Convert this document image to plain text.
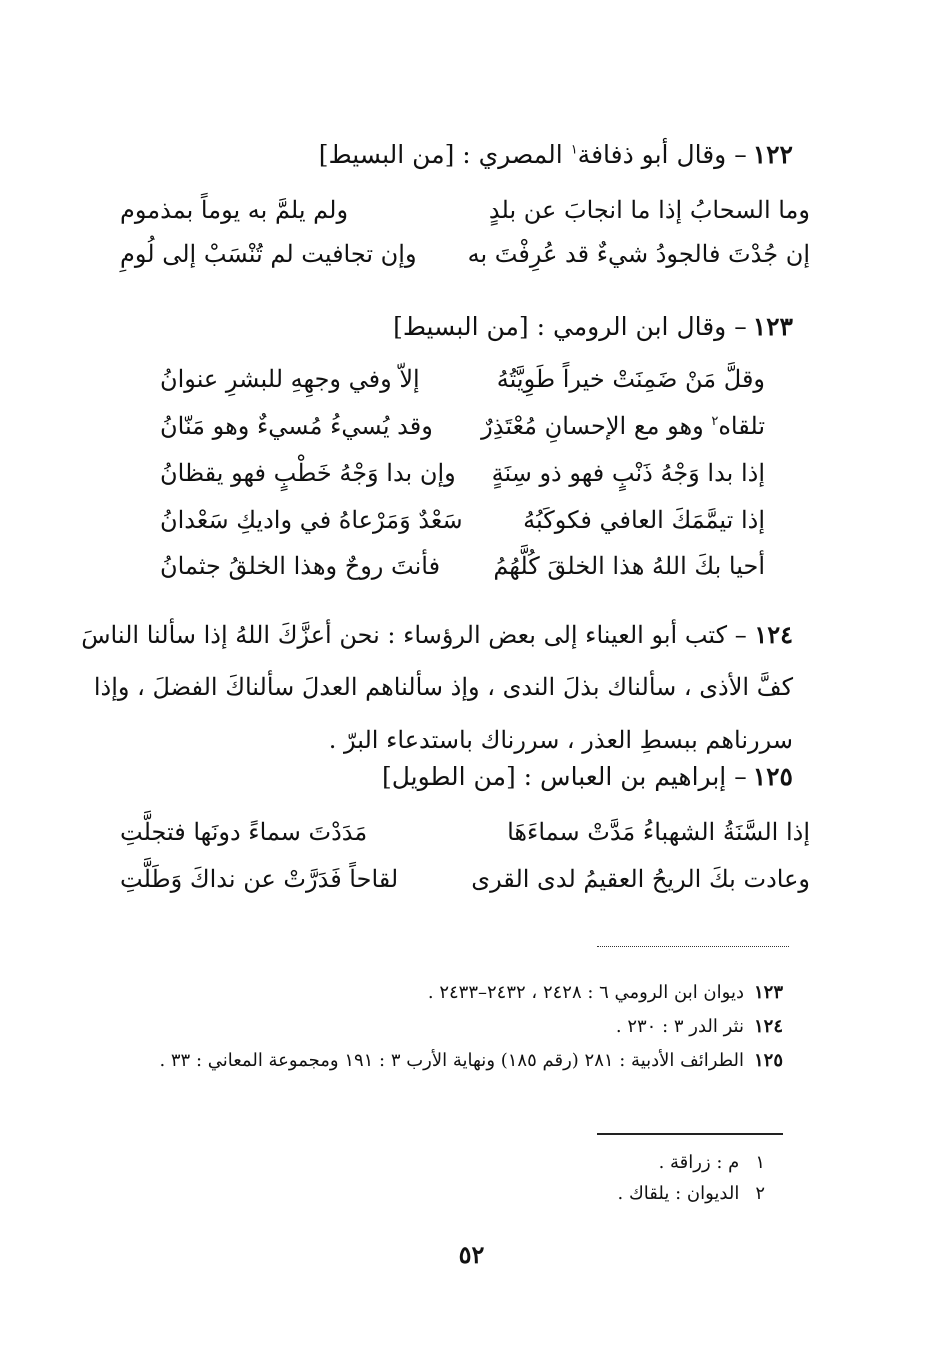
١٢٢– وقال أبو ذفافة$^١$ المصري : [من البسيط]
وما السحابُ إذا ما انجابَ عن بلدٍ
ولم يلمَّ به يوماً بمذموم
إن جُدْتَ فالجودُ شيءٌ قد عُرِفْتَ به
وإن تجافيت لم تُنْسَبْ إلى لُومِ
١٢٣– وقال ابن الرومي : [من البسيط]
وقلَّ مَنْ ضَمِنَتْ خيراً طَوِيَّتُهُ
إلاّ وفي وجهِهِ للبشرِ عنوانُ
تلقاه$^٢$ وهو مع الإحسانِ مُعْتَذِرٌ
وقد يُسيءُ مُسيءٌ وهو مَنّانُ
إذا بدا وَجْهُ ذَنْبٍ فهو ذو سِنَةٍ
وإن بدا وَجْهُ خَطْبٍ فهو يقظانُ
إذا تيمَّمَكَ العافي فكوكَبُهُ
سَعْدٌ وَمَرْعاهُ في واديكِ سَعْدانُ
أحيا بكَ اللهُ هذا الخلقَ كُلَّهُمُ
فأنتَ روحٌ وهذا الخلقُ جثمانُ
١٢٤ – كتب أبو العيناء إلى بعض الرؤساء : نحن أعزَّكَ اللهُ إذا سألنا الناسَ
كفَّ الأذى ، سألناك بذلَ الندى ، وإذ سألناهم العدلَ سألناكَ الفضلَ ، وإذا
سررناهم ببسطِ العذر ، سررناك باستدعاء البرّ .
١٢٥– إبراهيم بن العباس : [من الطويل]
إذا السَّنَةُ الشهباءُ مَدَّتْ سماءَهَا
مَدَدْتَ سماءً دونَها فتجلَّتِ
وعادت بكَ الريحُ العقيمُ لدى القرى
لقاحاً فَدَرَّتْ عن نداكَ وَطَلَّتِ
١٢٣ديوان ابن الرومي ٦ : ٢٤٢٨ ، ٢٤٣٢–٢٤٣٣ .
١٢٤نثر الدر ٣ : ٢٣٠ .
١٢٥الطرائف الأدبية : ٢٨١ (رقم ١٨٥) ونهاية الأرب ٣ : ١٩١ ومجموعة المعاني : ٣٣ .
١م : زراقة .
٢الديوان : يلقاك .
٥٢
